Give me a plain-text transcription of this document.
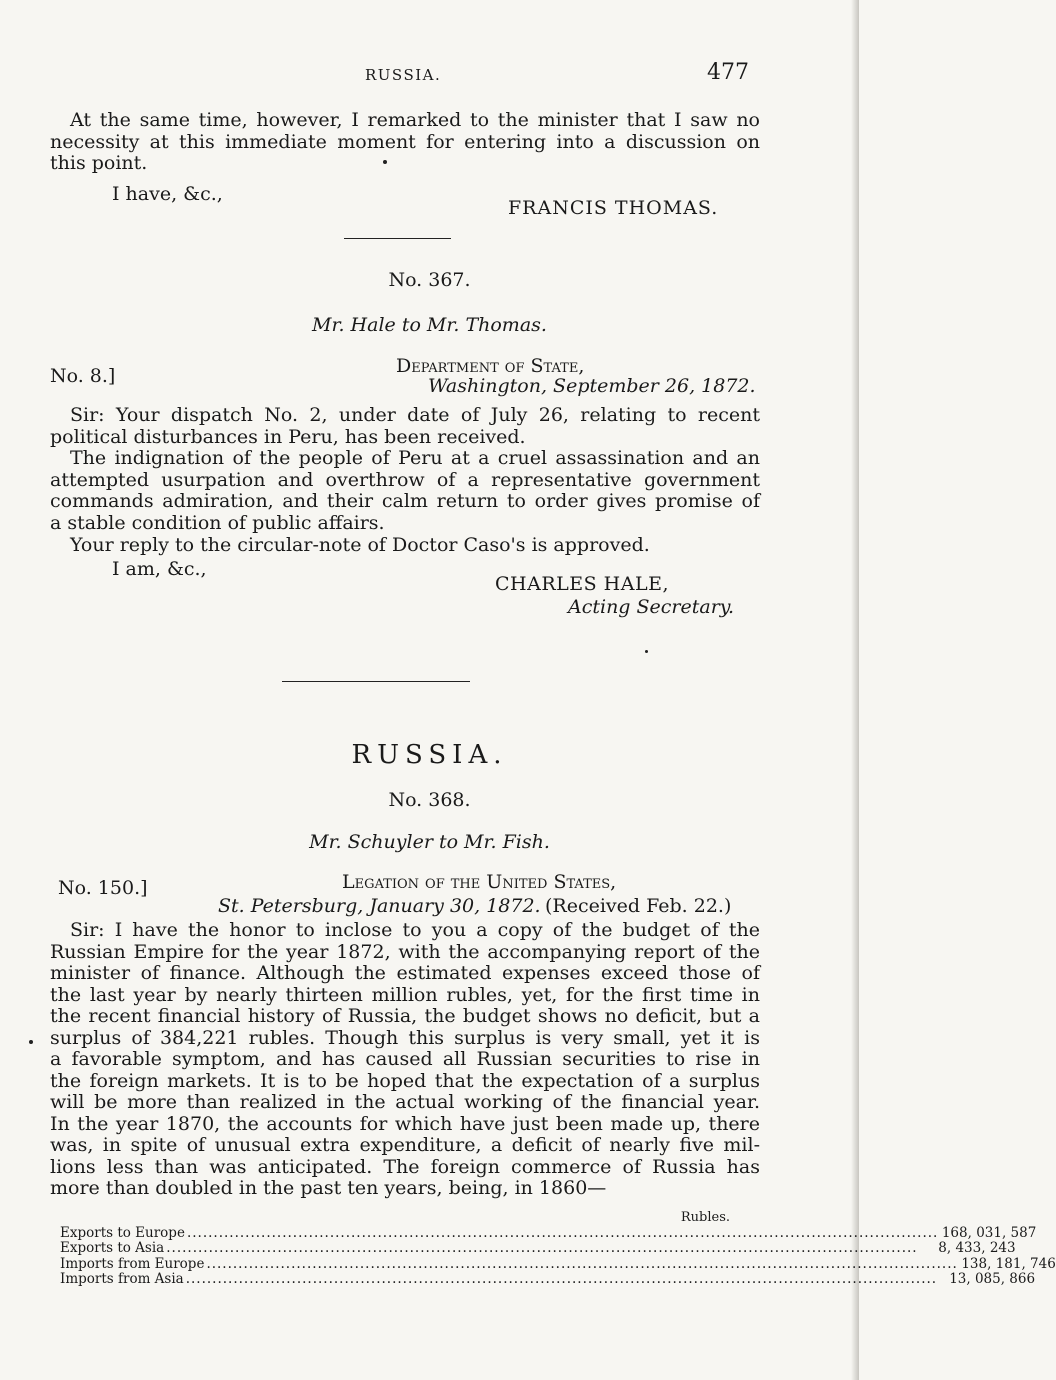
RUSSIA.	477
At the same time, however, I remarked to the minister that I saw no
necessity at this immediate moment for entering into a discussion on
this point.
I have, &c.,
FRANCIS THOMAS.
No. 367.
Mr. Hale to Mr. Thomas.
No. 8.]	Department of State,
Washington, September 26, 1872.
Sir: Your dispatch No. 2, under date of July 26, relating to recent
political disturbances in Peru, has been received.
The indignation of the people of Peru at a cruel assassination and an
attempted usurpation and overthrow of a representative government
commands admiration, and their calm return to order gives promise of
a stable condition of public affairs.
Your reply to the circular-note of Doctor Caso's is approved.
I am, &c.,
CHARLES HALE,
Acting Secretary.
RUSSIA.
No. 368.
Mr. Schuyler to Mr. Fish.
No. 150.]	Legation of the United States,
St. Petersburg, January 30, 1872. (Received Feb. 22.)
Sir: I have the honor to inclose to you a copy of the budget of the
Russian Empire for the year 1872, with the accompanying report of the
minister of finance. Although the estimated expenses exceed those of
the last year by nearly thirteen million rubles, yet, for the first time in
the recent financial history of Russia, the budget shows no deficit, but a
surplus of 384,221 rubles. Though this surplus is very small, yet it is
a favorable symptom, and has caused all Russian securities to rise in
the foreign markets. It is to be hoped that the expectation of a surplus
will be more than realized in the actual working of the financial year.
In the year 1870, the accounts for which have just been made up, there
was, in spite of unusual extra expenditure, a deficit of nearly five mil-
lions less than was anticipated. The foreign commerce of Russia has
more than doubled in the past ten years, being, in 1860—
Rubles.
Exports to Europe .............................................................................................................................................. 168, 031, 587
Exports to Asia ..............................................................................................................................................	8, 433, 243
Imports from Europe .............................................................................................................................................. 138, 181, 746
Imports from Asia .............................................................................................................................................. 13, 085, 866
